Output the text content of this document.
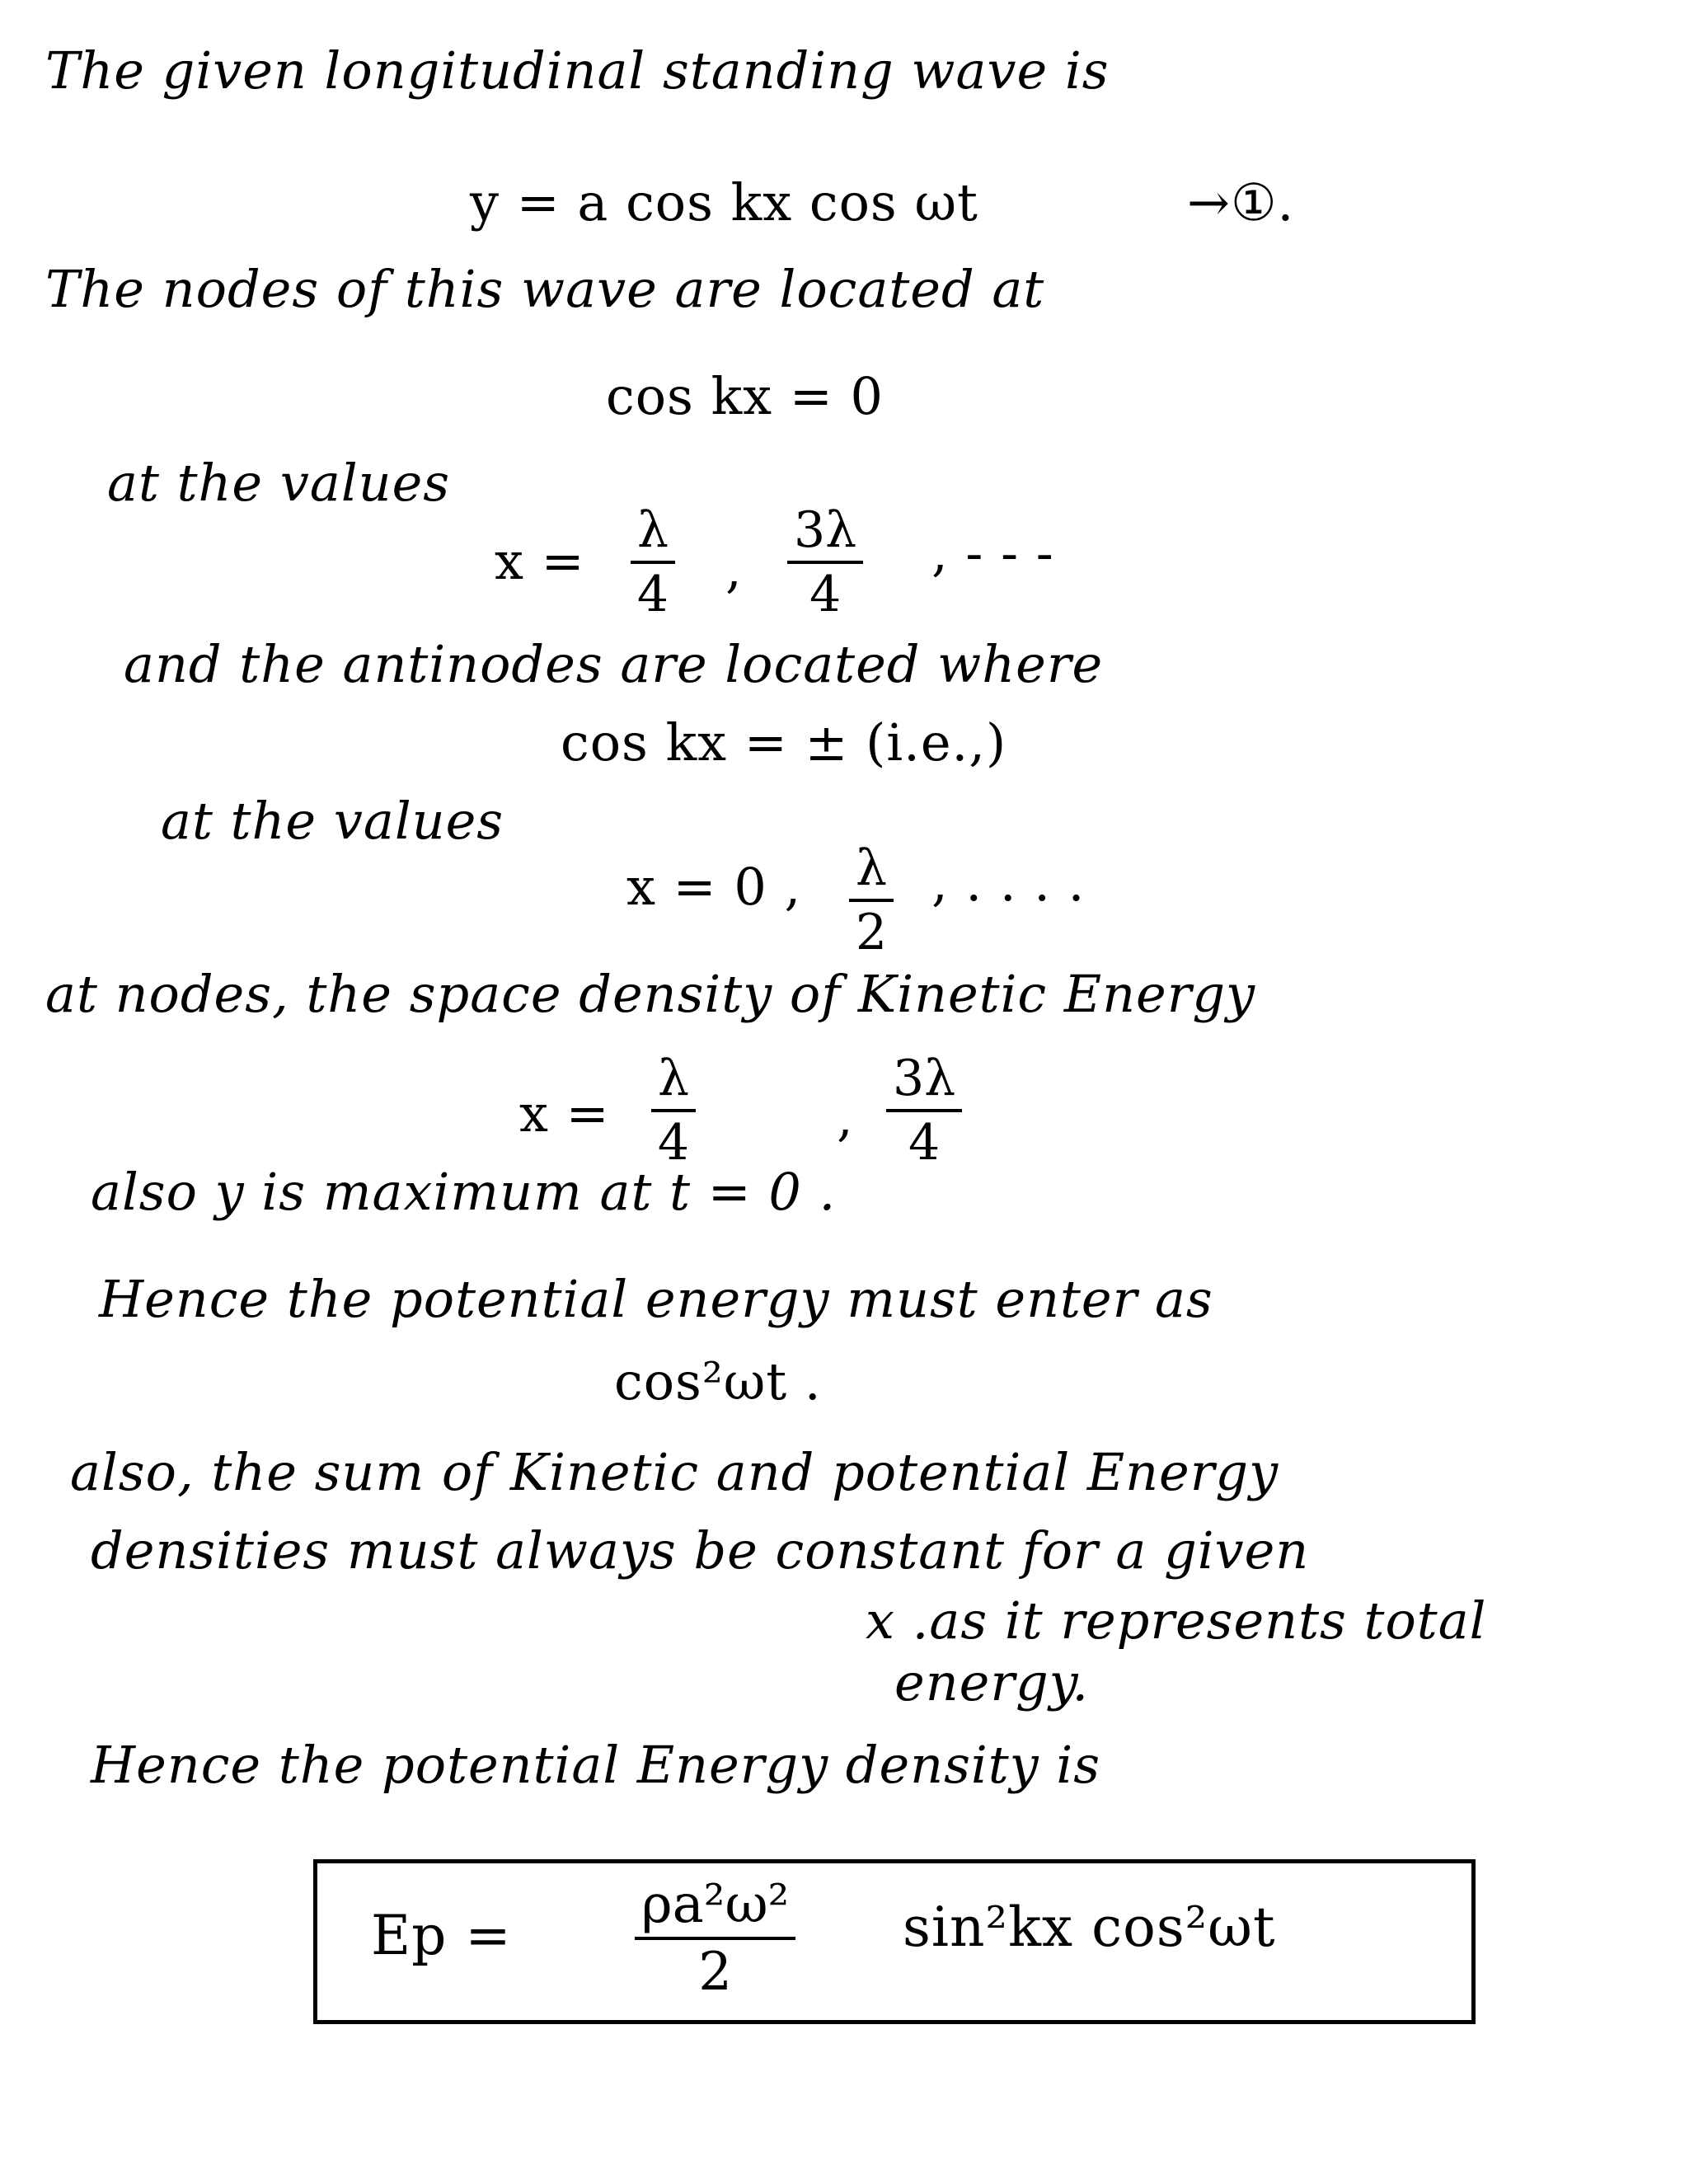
The given longitudinal standing wave is
y = a cos kx cos ωt	→①.
The nodes of this wave are located at
cos kx = 0
at the values
$x = \frac{\lambda}{4}$ , $\frac{3\lambda}{4}$ , - - -
and the antinodes are located where
cos kx = ± (i.e.,)
at the values
x = 0 , $\frac{\lambda}{2}$ , . . . .
at nodes, the space density of Kinetic Energy
$x = \frac{\lambda}{4}$	, $\frac{3\lambda}{4}$
also y is maximum at t = 0 .
Hence the potential energy must enter as
cos²ωt .
also, the sum of Kinetic and potential Energy
densities must always be constant for a given
x .as it represents total
energy.
Hence the potential Energy density is
$Ep = \frac{\text{ρa²ω²}}{2} \sin^2kx$ cos²ωt
